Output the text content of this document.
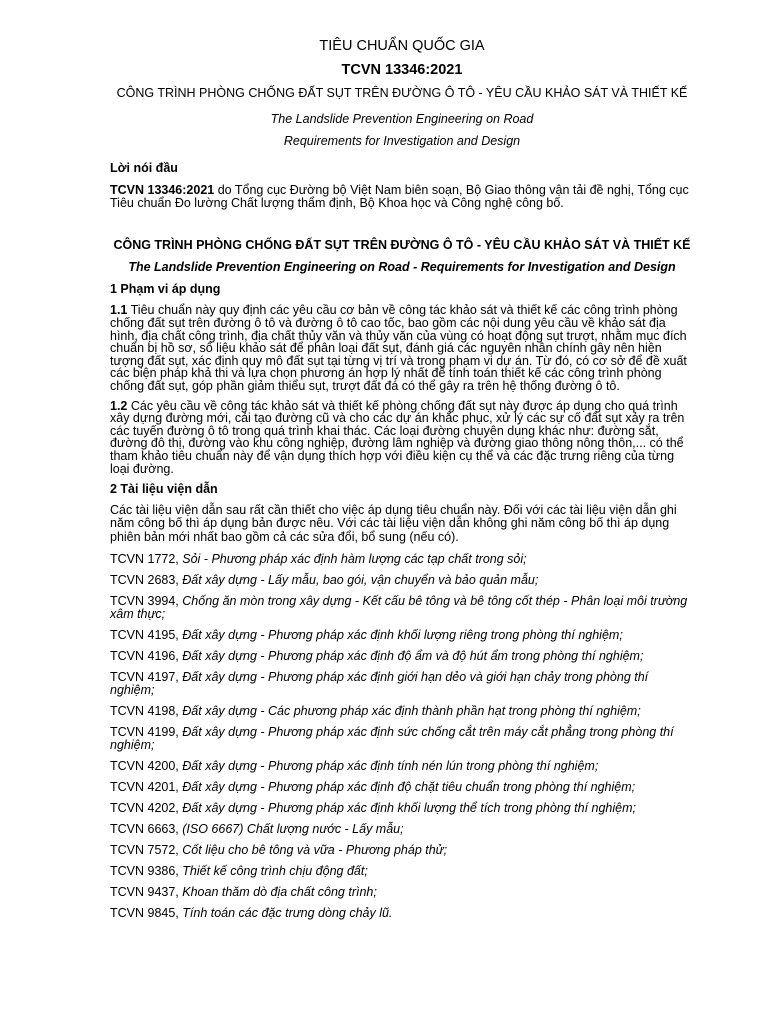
TIÊU CHUẨN QUỐC GIA
TCVN 13346:2021
CÔNG TRÌNH PHÒNG CHỐNG ĐẤT SỤT TRÊN ĐƯỜNG Ô TÔ - YÊU CẦU KHẢO SÁT VÀ THIẾT KẾ
The Landslide Prevention Engineering on Road
Requirements for Investigation and Design
Lời nói đầu
TCVN 13346:2021 do Tổng cục Đường bộ Việt Nam biên soạn, Bộ Giao thông vận tải đề nghị, Tổng cục Tiêu chuẩn Đo lường Chất lượng thẩm định, Bộ Khoa học và Công nghệ công bố.
CÔNG TRÌNH PHÒNG CHỐNG ĐẤT SỤT TRÊN ĐƯỜNG Ô TÔ - YÊU CẦU KHẢO SÁT VÀ THIẾT KẾ
The Landslide Prevention Engineering on Road - Requirements for Investigation and Design
1 Phạm vi áp dụng
1.1 Tiêu chuẩn này quy định các yêu cầu cơ bản về công tác khảo sát và thiết kế các công trình phòng chống đất sụt trên đường ô tô và đường ô tô cao tốc, bao gồm các nội dung yêu cầu về khảo sát địa hình, địa chất công trình, địa chất thủy văn và thủy văn của vùng có hoạt động sụt trượt, nhằm mục đích chuẩn bị hồ sơ, số liệu khảo sát để phân loại đất sụt, đánh giá các nguyên nhân chính gây nên hiện tượng đất sụt, xác định quy mô đất sụt tại từng vị trí và trong phạm vi dự án. Từ đó, có cơ sở để đề xuất các biện pháp khả thi và lựa chọn phương án hợp lý nhất để tính toán thiết kế các công trình phòng chống đất sụt, góp phần giảm thiểu sụt, trượt đất đá có thể gây ra trên hệ thống đường ô tô.
1.2 Các yêu cầu về công tác khảo sát và thiết kế phòng chống đất sụt này được áp dụng cho quá trình xây dựng đường mới, cải tạo đường cũ và cho các dự án khắc phục, xử lý các sự cố đất sụt xảy ra trên các tuyến đường ô tô trong quá trình khai thác. Các loại đường chuyên dụng khác như: đường sắt, đường đô thị, đường vào khu công nghiệp, đường lâm nghiệp và đường giao thông nông thôn,... có thể tham khảo tiêu chuẩn này để vận dụng thích hợp với điều kiện cụ thể và các đặc trưng riêng của từng loại đường.
2 Tài liệu viện dẫn
Các tài liệu viện dẫn sau rất cần thiết cho việc áp dụng tiêu chuẩn này. Đối với các tài liệu viện dẫn ghi năm công bố thì áp dụng bản được nêu. Với các tài liệu viện dẫn không ghi năm công bố thì áp dụng phiên bản mới nhất bao gồm cả các sửa đổi, bổ sung (nếu có).
TCVN 1772, Sỏi - Phương pháp xác định hàm lượng các tạp chất trong sỏi;
TCVN 2683, Đất xây dựng - Lấy mẫu, bao gói, vận chuyển và bảo quản mẫu;
TCVN 3994, Chống ăn mòn trong xây dựng - Kết cấu bê tông và bê tông cốt thép - Phân loại môi trường xâm thực;
TCVN 4195, Đất xây dựng - Phương pháp xác định khối lượng riêng trong phòng thí nghiệm;
TCVN 4196, Đất xây dựng - Phương pháp xác định độ ẩm và độ hút ẩm trong phòng thí nghiệm;
TCVN 4197, Đất xây dựng - Phương pháp xác định giới hạn dẻo và giới hạn chảy trong phòng thí nghiệm;
TCVN 4198, Đất xây dựng - Các phương pháp xác định thành phần hạt trong phòng thí nghiệm;
TCVN 4199, Đất xây dựng - Phương pháp xác định sức chống cắt trên máy cắt phẳng trong phòng thí nghiệm;
TCVN 4200, Đất xây dựng - Phương pháp xác định tính nén lún trong phòng thí nghiệm;
TCVN 4201, Đất xây dựng - Phương pháp xác định độ chặt tiêu chuẩn trong phòng thí nghiệm;
TCVN 4202, Đất xây dựng - Phương pháp xác định khối lượng thể tích trong phòng thí nghiệm;
TCVN 6663, (ISO 6667) Chất lượng nước - Lấy mẫu;
TCVN 7572, Cốt liệu cho bê tông và vữa - Phương pháp thử;
TCVN 9386, Thiết kế công trình chịu động đất;
TCVN 9437, Khoan thăm dò địa chất công trình;
TCVN 9845, Tính toán các đặc trưng dòng chảy lũ.
